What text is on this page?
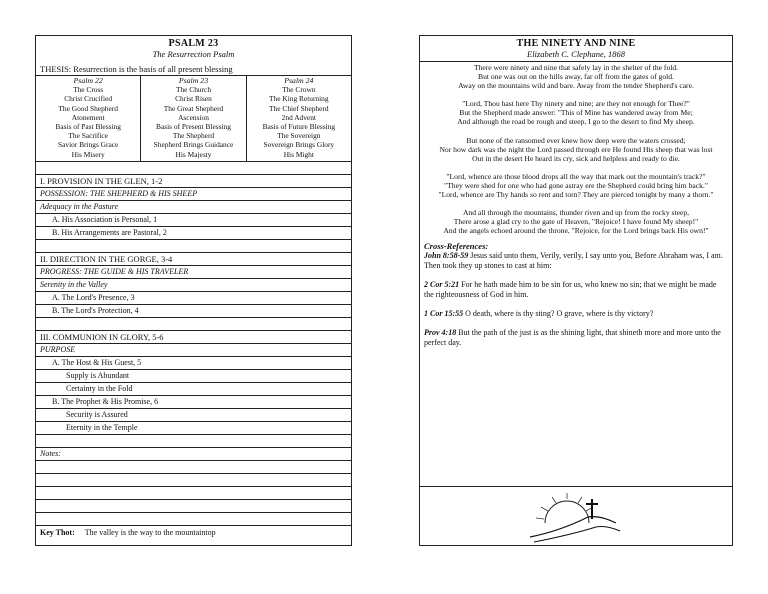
PSALM 23
The Resurrection Psalm
THESIS: Resurrection is the basis of all present blessing
Psalm 22
The Cross
Christ Crucified
The Good Shepherd
Atonement
Basis of Past Blessing
The Sacrifice
Savior Brings Grace
His Misery
Psalm 23
The Church
Christ Risen
The Great Shepherd
Ascension
Basis of Present Blessing
The Shepherd
Shepherd Brings Guidance
His Majesty
Psalm 24
The Crown
The King Returning
The Chief Shepherd
2nd Advent
Basis of Future Blessing
The Sovereign
Sovereign Brings Glory
His Might
I. PROVISION IN THE GLEN, 1-2
POSSESSION: THE SHEPHERD & HIS SHEEP
Adequacy in the Pasture
A. His Association is Personal, 1
B. His Arrangements are Pastoral, 2
II. DIRECTION IN THE GORGE, 3-4
PROGRESS: THE GUIDE & HIS TRAVELER
Serenity in the Valley
A. The Lord's Presence, 3
B. The Lord's Protection, 4
III. COMMUNION IN GLORY, 5-6
PURPOSE
A. The Host & His Guest, 5
Supply is Abundant
Certainty in the Fold
B. The Prophet & His Promise, 6
Security is Assured
Eternity in the Temple
Notes:
Key Thot: The valley is the way to the mountaintop
THE NINETY AND NINE
Elizabeth C. Clephane, 1868
There were ninety and nine that safely lay in the shelter of the fold.
But one was out on the hills away, far off from the gates of gold.
Away on the mountains wild and bare. Away from the tender Shepherd's care.
"Lord, Thou hast here Thy ninety and nine; are they not enough for Thee?"
But the Shepherd made answer: "This of Mine has wandered away from Me;
And although the road be rough and steep, I go to the desert to find My sheep.
But none of the ransomed ever knew how deep were the waters crossed;
Nor how dark was the night the Lord passed through ere He found His sheep that was lost
Out in the desert He heard its cry, sick and helpless and ready to die.
"Lord, whence are those blood drops all the way that mark out the mountain's track?"
"They were shed for one who had gone astray ere the Shepherd could bring him back."
"Lord, whence are Thy hands so rent and torn? They are pierced tonight by many a thorn."
And all through the mountains, thunder riven and up from the rocky steep,
There arose a glad cry to the gate of Heaven, "Rejoice! I have found My sheep!"
And the angels echoed around the throne, "Rejoice, for the Lord brings back His own!"
Cross-References:

John 8:58-59 Jesus said unto them, Verily, verily, I say unto you, Before Abraham was, I am. Then took they up stones to cast at him:

2 Cor 5:21 For he hath made him to be sin for us, who knew no sin; that we might be made the righteousness of God in him.

1 Cor 15:55 O death, where is thy sting? O grave, where is thy victory?

Prov 4:18 But the path of the just is as the shining light, that shineth more and more unto the perfect day.
